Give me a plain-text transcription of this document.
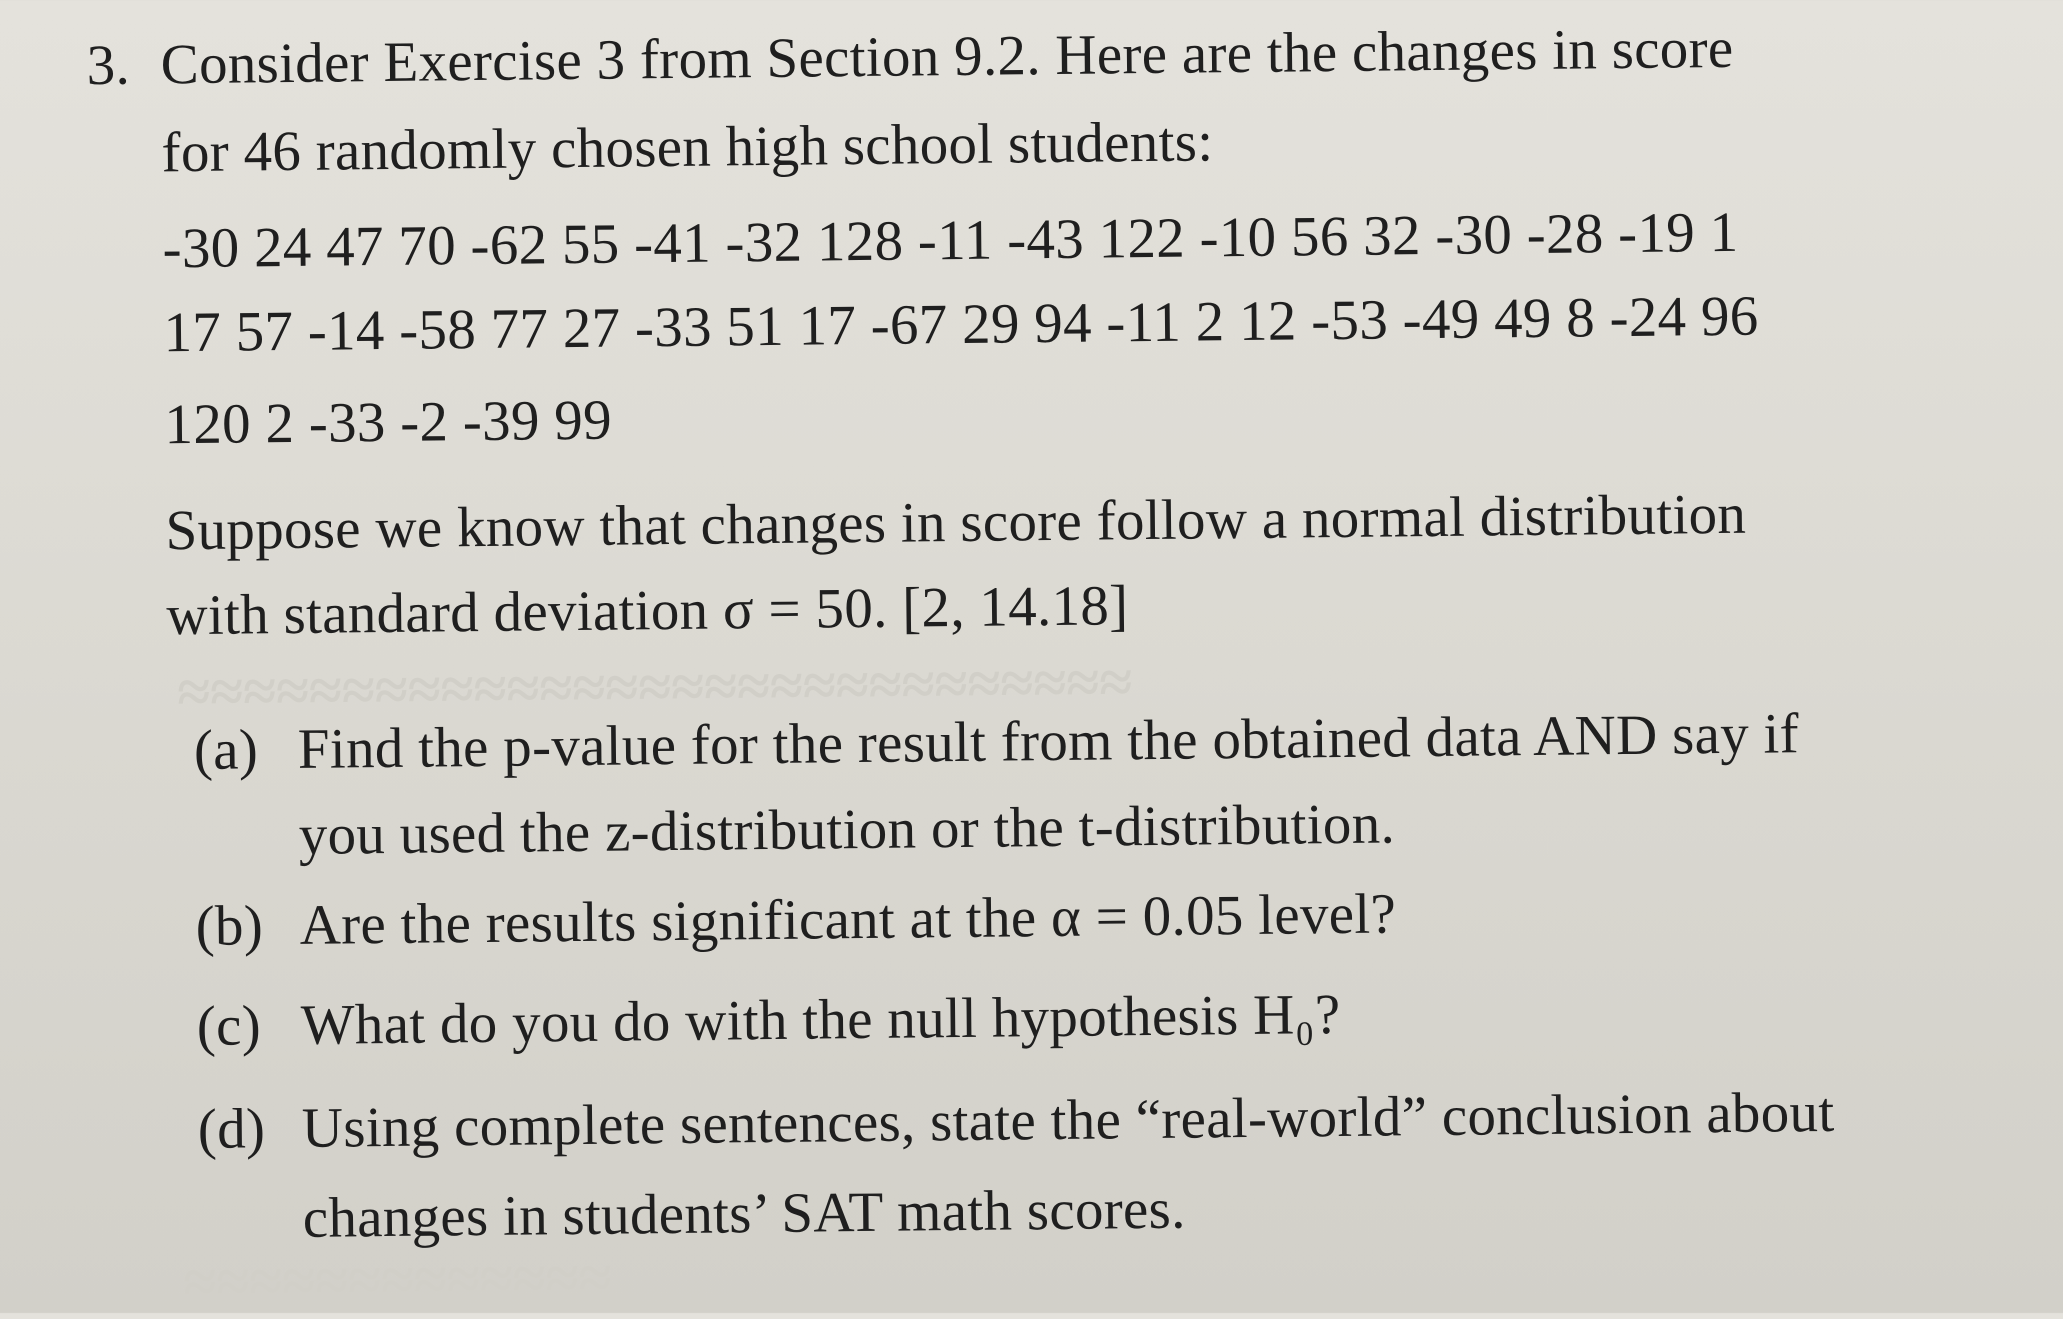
≈≈≈≈≈≈≈≈≈≈≈≈≈≈≈≈≈≈≈≈≈≈≈≈≈≈≈≈≈
≈≈≈≈≈≈≈≈≈≈≈≈≈
3. Consider Exercise 3 from Section 9.2. Here are the changes in score
for 46 randomly chosen high school students:
-30 24 47 70 -62 55 -41 -32 128 -11 -43 122 -10 56 32 -30 -28 -19 1
17 57 -14 -58 77 27 -33 51 17 -67 29 94 -11 2 12 -53 -49 49 8 -24 96
120 2 -33 -2 -39 99
Suppose we know that changes in score follow a normal distribution
with standard deviation σ = 50. [2, 14.18]
(a) Find the p-value for the result from the obtained data AND say if
you used the z-distribution or the t-distribution.
(b) Are the results significant at the α = 0.05 level?
(c) What do you do with the null hypothesis H₀?
(d) Using complete sentences, state the “real-world” conclusion about
changes in students’ SAT math scores.
